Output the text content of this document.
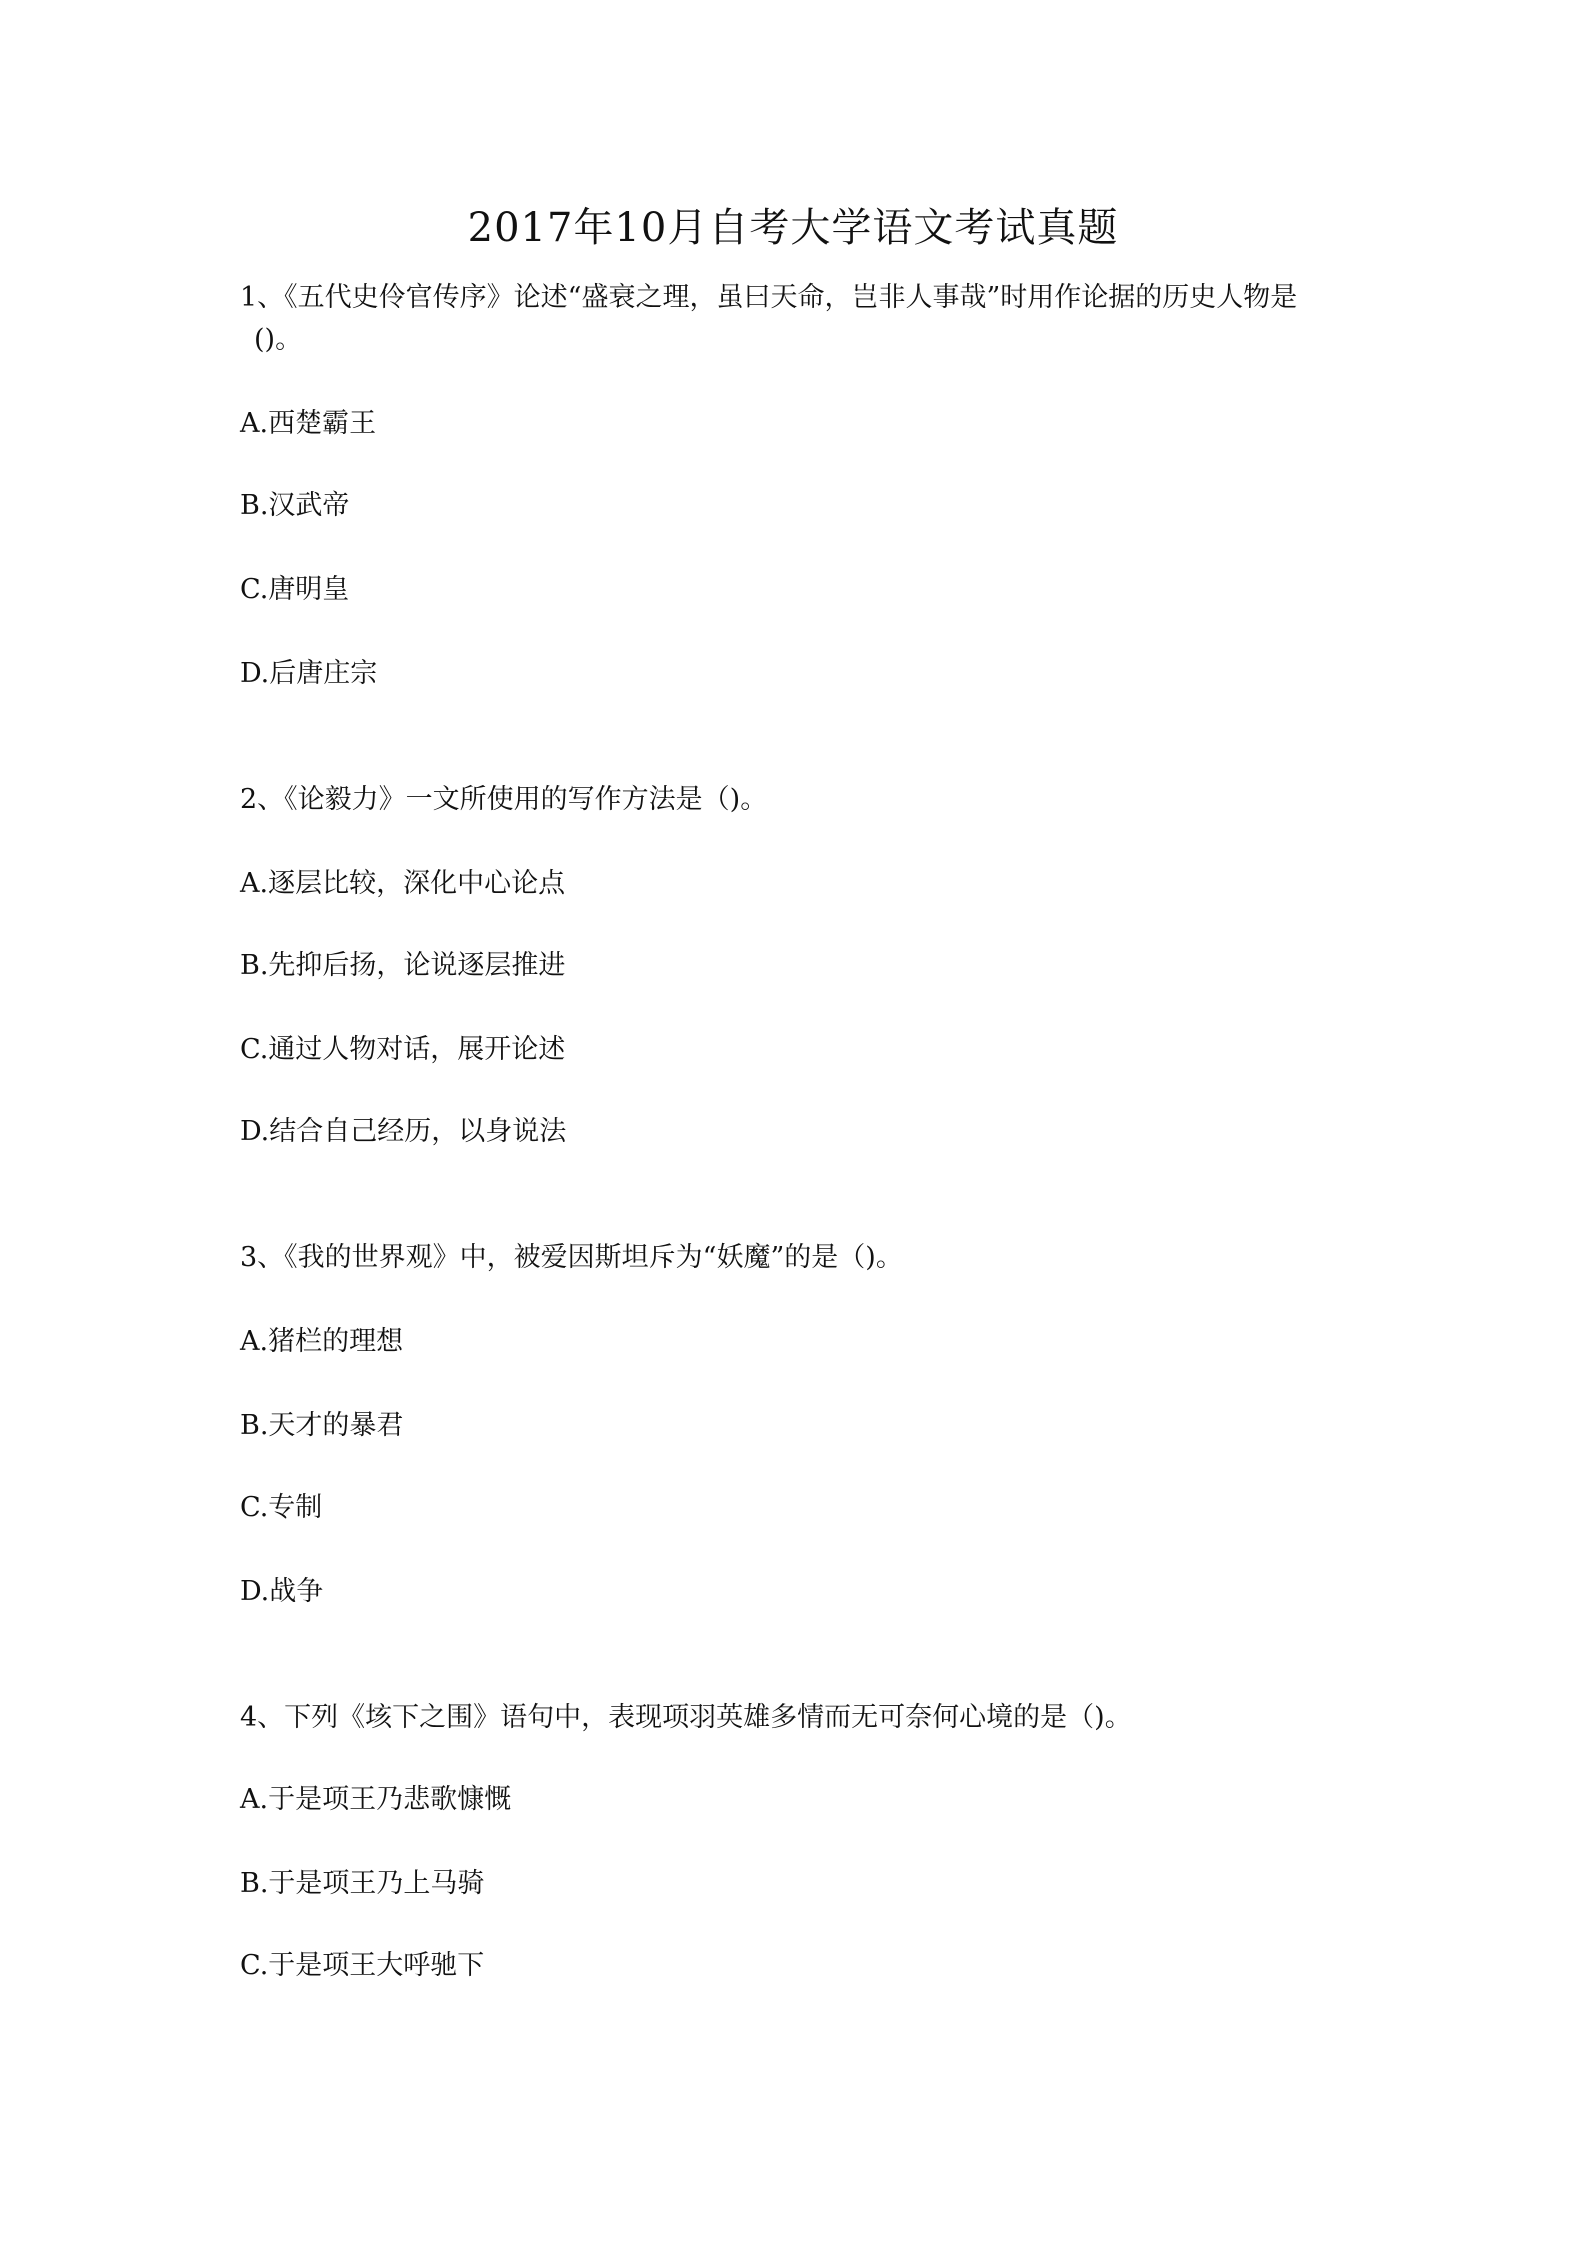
2017年10月自考大学语文考试真题
1、《五代史伶官传序》论述“盛衰之理，虽曰天命，岂非人事哉”时用作论据的历史人物是
()。
A.西楚霸王
B.汉武帝
C.唐明皇
D.后唐庄宗
2、《论毅力》一文所使用的写作方法是（)。
A.逐层比较，深化中心论点
B.先抑后扬，论说逐层推进
C.通过人物对话，展开论述
D.结合自己经历，以身说法
3、《我的世界观》中，被爱因斯坦斥为“妖魔”的是（)。
A.猪栏的理想
B.天才的暴君
C.专制
D.战争
4、下列《垓下之围》语句中，表现项羽英雄多情而无可奈何心境的是（)。
A.于是项王乃悲歌慷慨
B.于是项王乃上马骑
C.于是项王大呼驰下
